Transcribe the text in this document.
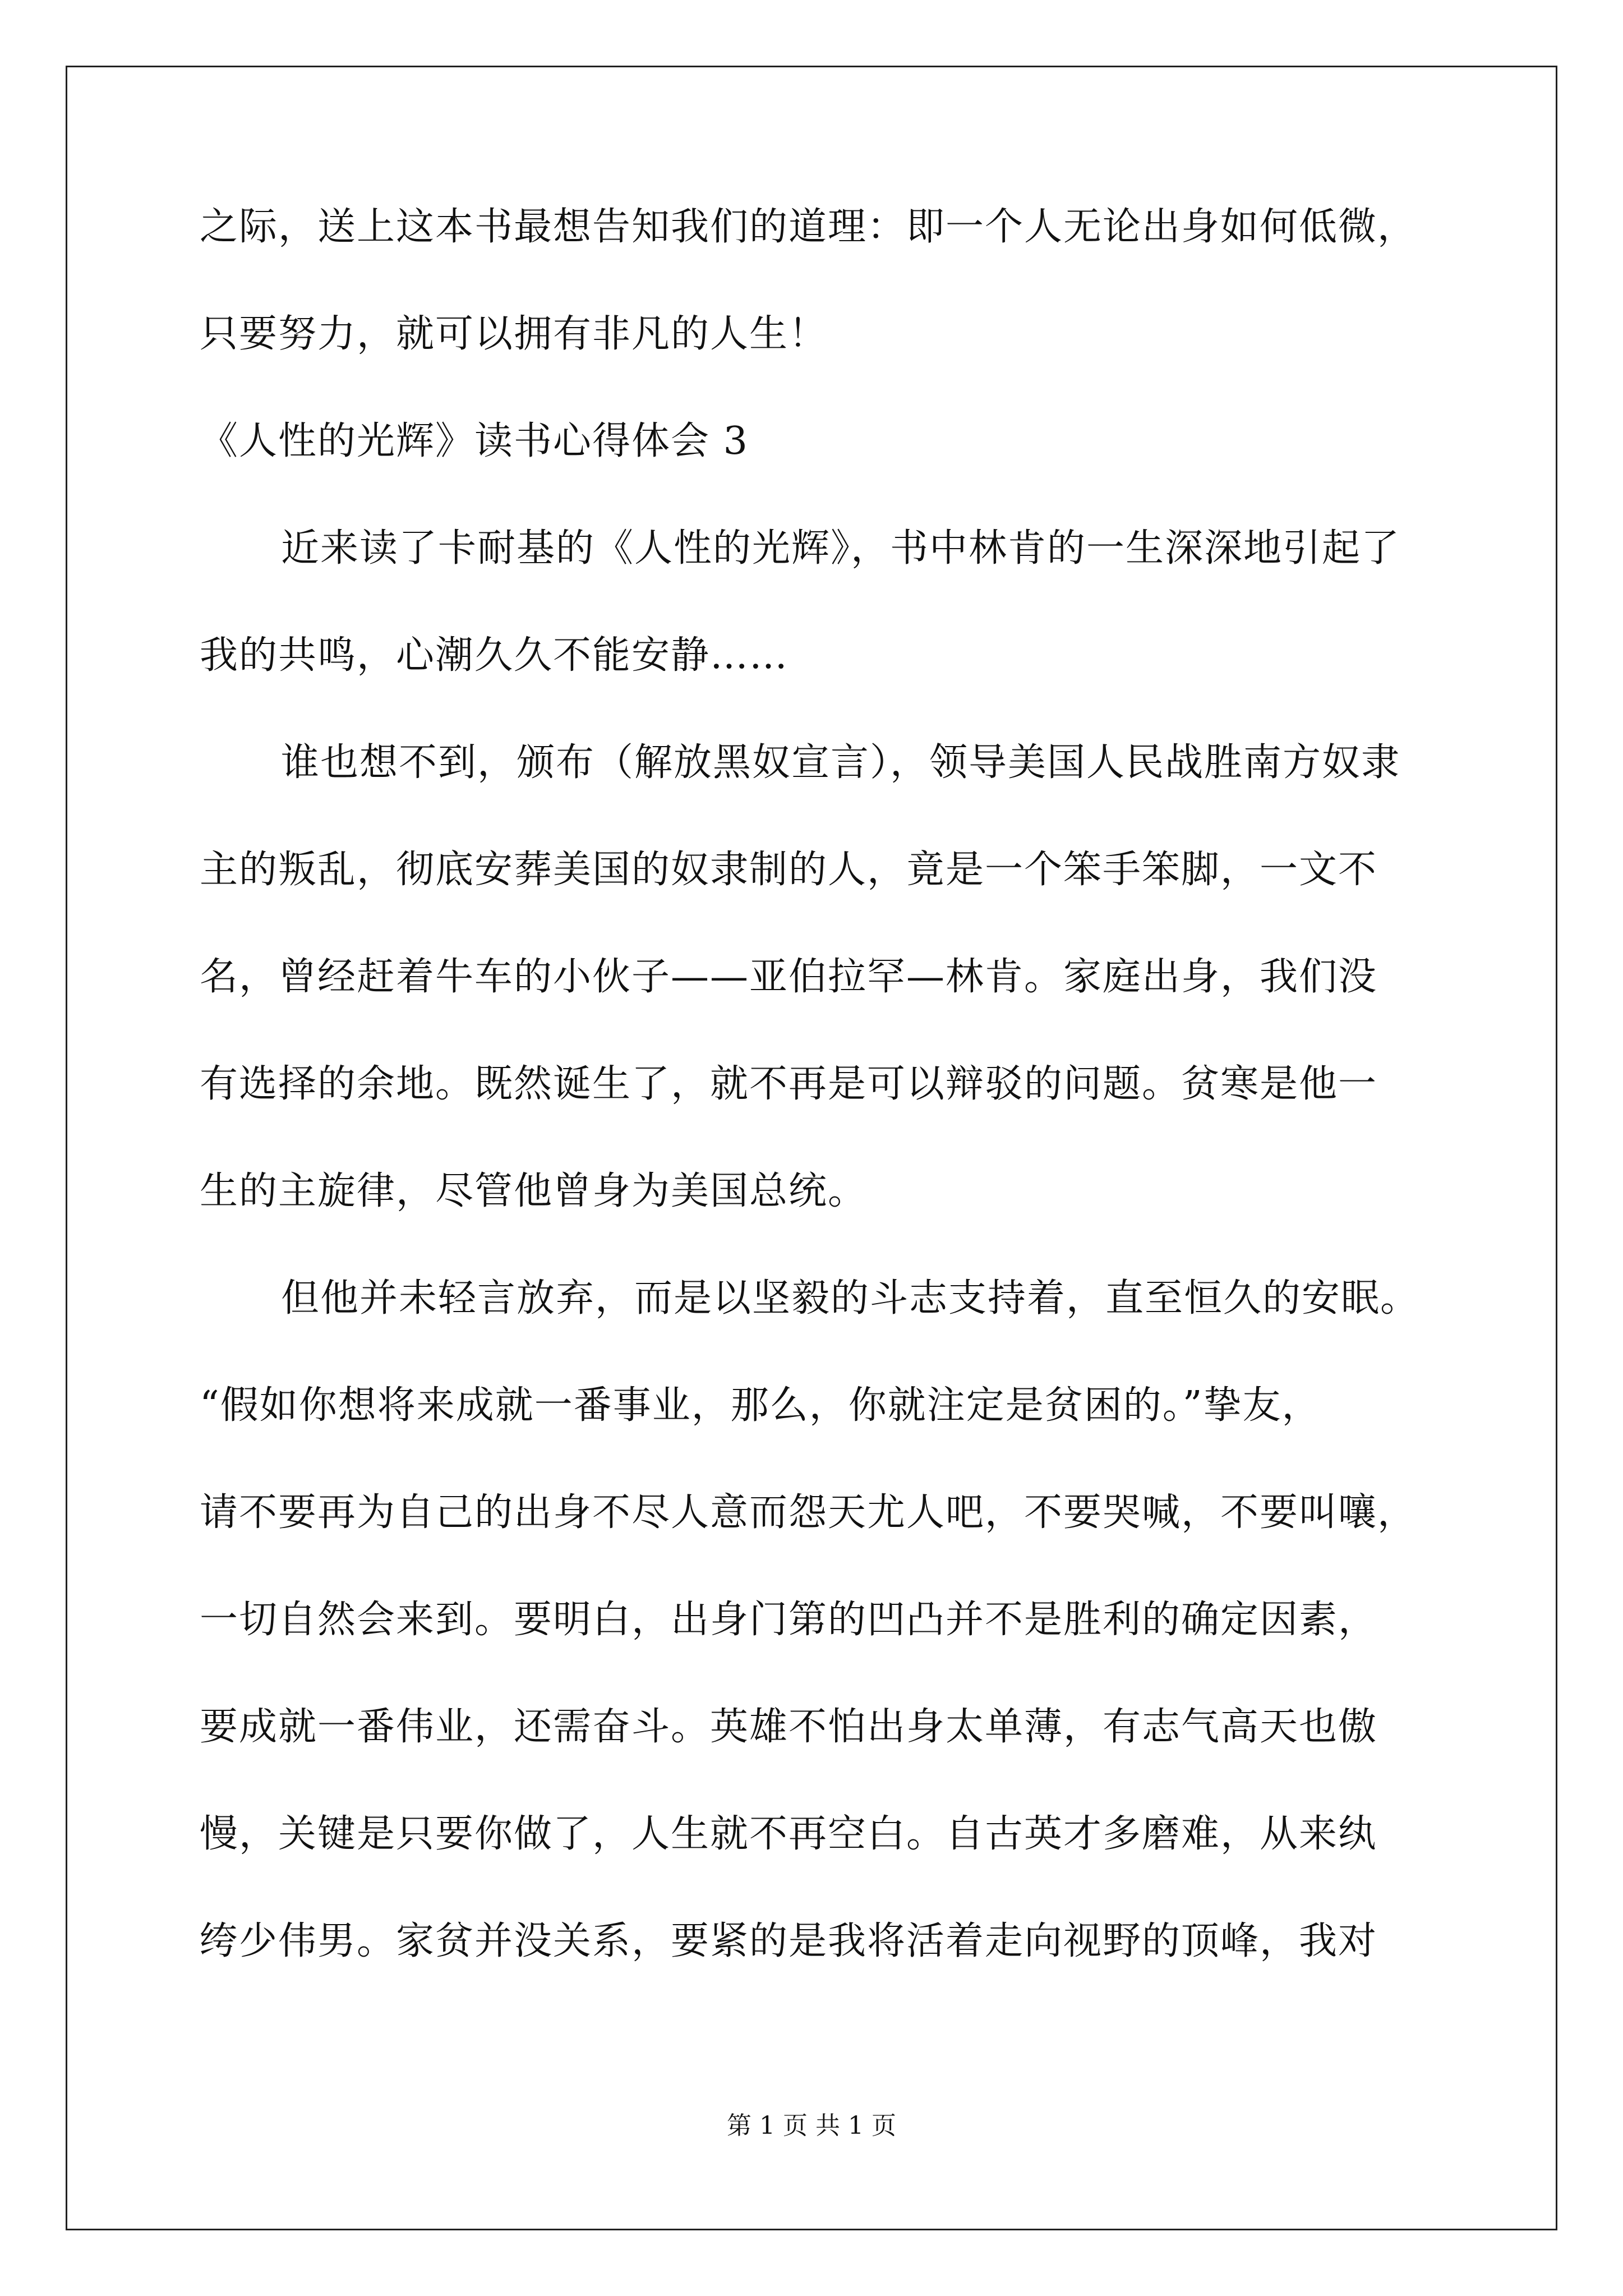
之际，送上这本书最想告知我们的道理：即一个人无论出身如何低微，
只要努力，就可以拥有非凡的人生！
《人性的光辉》读书心得体会 3
近来读了卡耐基的《人性的光辉》，书中林肯的一生深深地引起了
我的共鸣，心潮久久不能安静……
谁也想不到，颁布（解放黑奴宣言），领导美国人民战胜南方奴隶
主的叛乱，彻底安葬美国的奴隶制的人，竟是一个笨手笨脚，一文不
名，曾经赶着牛车的小伙子——亚伯拉罕—林肯。家庭出身，我们没
有选择的余地。既然诞生了，就不再是可以辩驳的问题。贫寒是他一
生的主旋律，尽管他曾身为美国总统。
但他并未轻言放弃，而是以坚毅的斗志支持着，直至恒久的安眠。
“假如你想将来成就一番事业，那么，你就注定是贫困的。”挚友，
请不要再为自己的出身不尽人意而怨天尤人吧，不要哭喊，不要叫嚷，
一切自然会来到。要明白，出身门第的凹凸并不是胜利的确定因素，
要成就一番伟业，还需奋斗。英雄不怕出身太单薄，有志气高天也傲
慢，关键是只要你做了，人生就不再空白。自古英才多磨难，从来纨
绔少伟男。家贫并没关系，要紧的是我将活着走向视野的顶峰，我对
第 1 页 共 1 页
